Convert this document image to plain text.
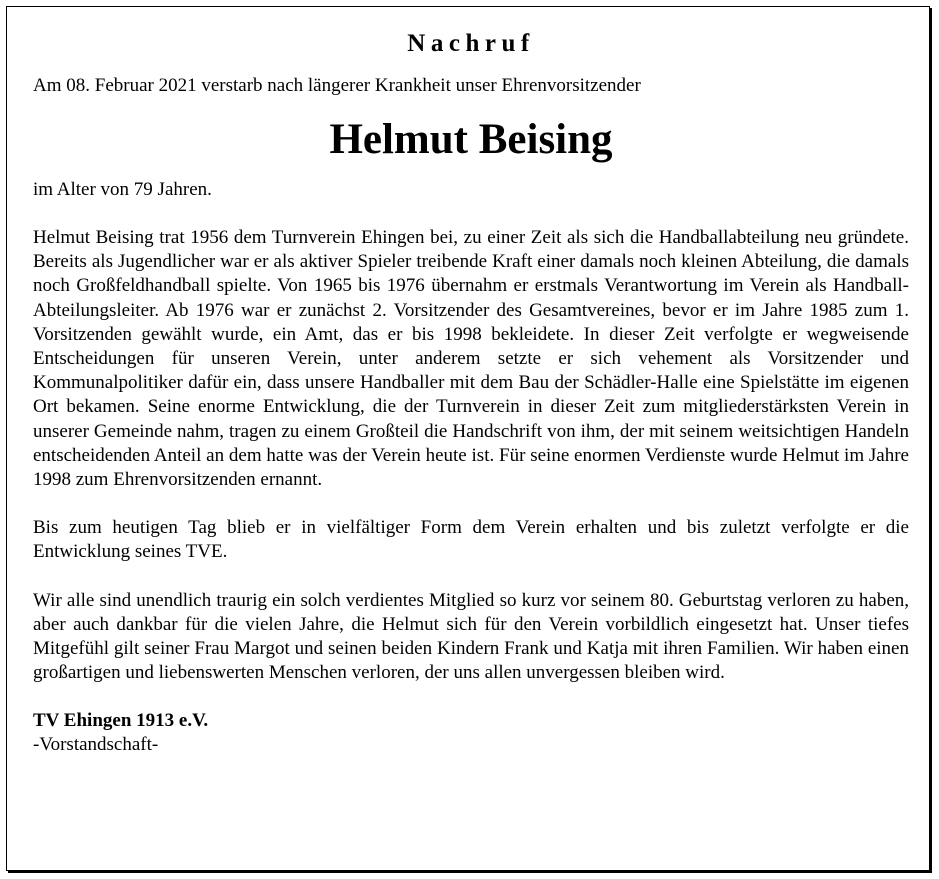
Nachruf

Am 08. Februar 2021 verstarb nach längerer Krankheit unser Ehrenvorsitzender

Helmut Beising

im Alter von 79 Jahren.

Helmut Beising trat 1956 dem Turnverein Ehingen bei, zu einer Zeit als sich die Handballabteilung neu gründete. Bereits als Jugendlicher war er als aktiver Spieler treibende Kraft einer damals noch kleinen Abteilung, die damals noch Großfeldhandball spielte. Von 1965 bis 1976 übernahm er erstmals Verantwortung im Verein als Handball-Abteilungsleiter. Ab 1976 war er zunächst 2. Vorsitzender des Gesamtvereines, bevor er im Jahre 1985 zum 1. Vorsitzenden gewählt wurde, ein Amt, das er bis 1998 bekleidete. In dieser Zeit verfolgte er wegweisende Entscheidungen für unseren Verein, unter anderem setzte er sich vehement als Vorsitzender und Kommunalpolitiker dafür ein, dass unsere Handballer mit dem Bau der Schädler-Halle eine Spielstätte im eigenen Ort bekamen. Seine enorme Entwicklung, die der Turnverein in dieser Zeit zum mitgliederstärksten Verein in unserer Gemeinde nahm, tragen zu einem Großteil die Handschrift von ihm, der mit seinem weitsichtigen Handeln entscheidenden Anteil an dem hatte was der Verein heute ist. Für seine enormen Verdienste wurde Helmut im Jahre 1998 zum Ehrenvorsitzenden ernannt.

Bis zum heutigen Tag blieb er in vielfältiger Form dem Verein erhalten und bis zuletzt verfolgte er die Entwicklung seines TVE.

Wir alle sind unendlich traurig ein solch verdientes Mitglied so kurz vor seinem 80. Geburtstag verloren zu haben, aber auch dankbar für die vielen Jahre, die Helmut sich für den Verein vorbildlich eingesetzt hat. Unser tiefes Mitgefühl gilt seiner Frau Margot und seinen beiden Kindern Frank und Katja mit ihren Familien. Wir haben einen großartigen und liebenswerten Menschen verloren, der uns allen unvergessen bleiben wird.

TV Ehingen 1913 e.V.

-Vorstandschaft-
